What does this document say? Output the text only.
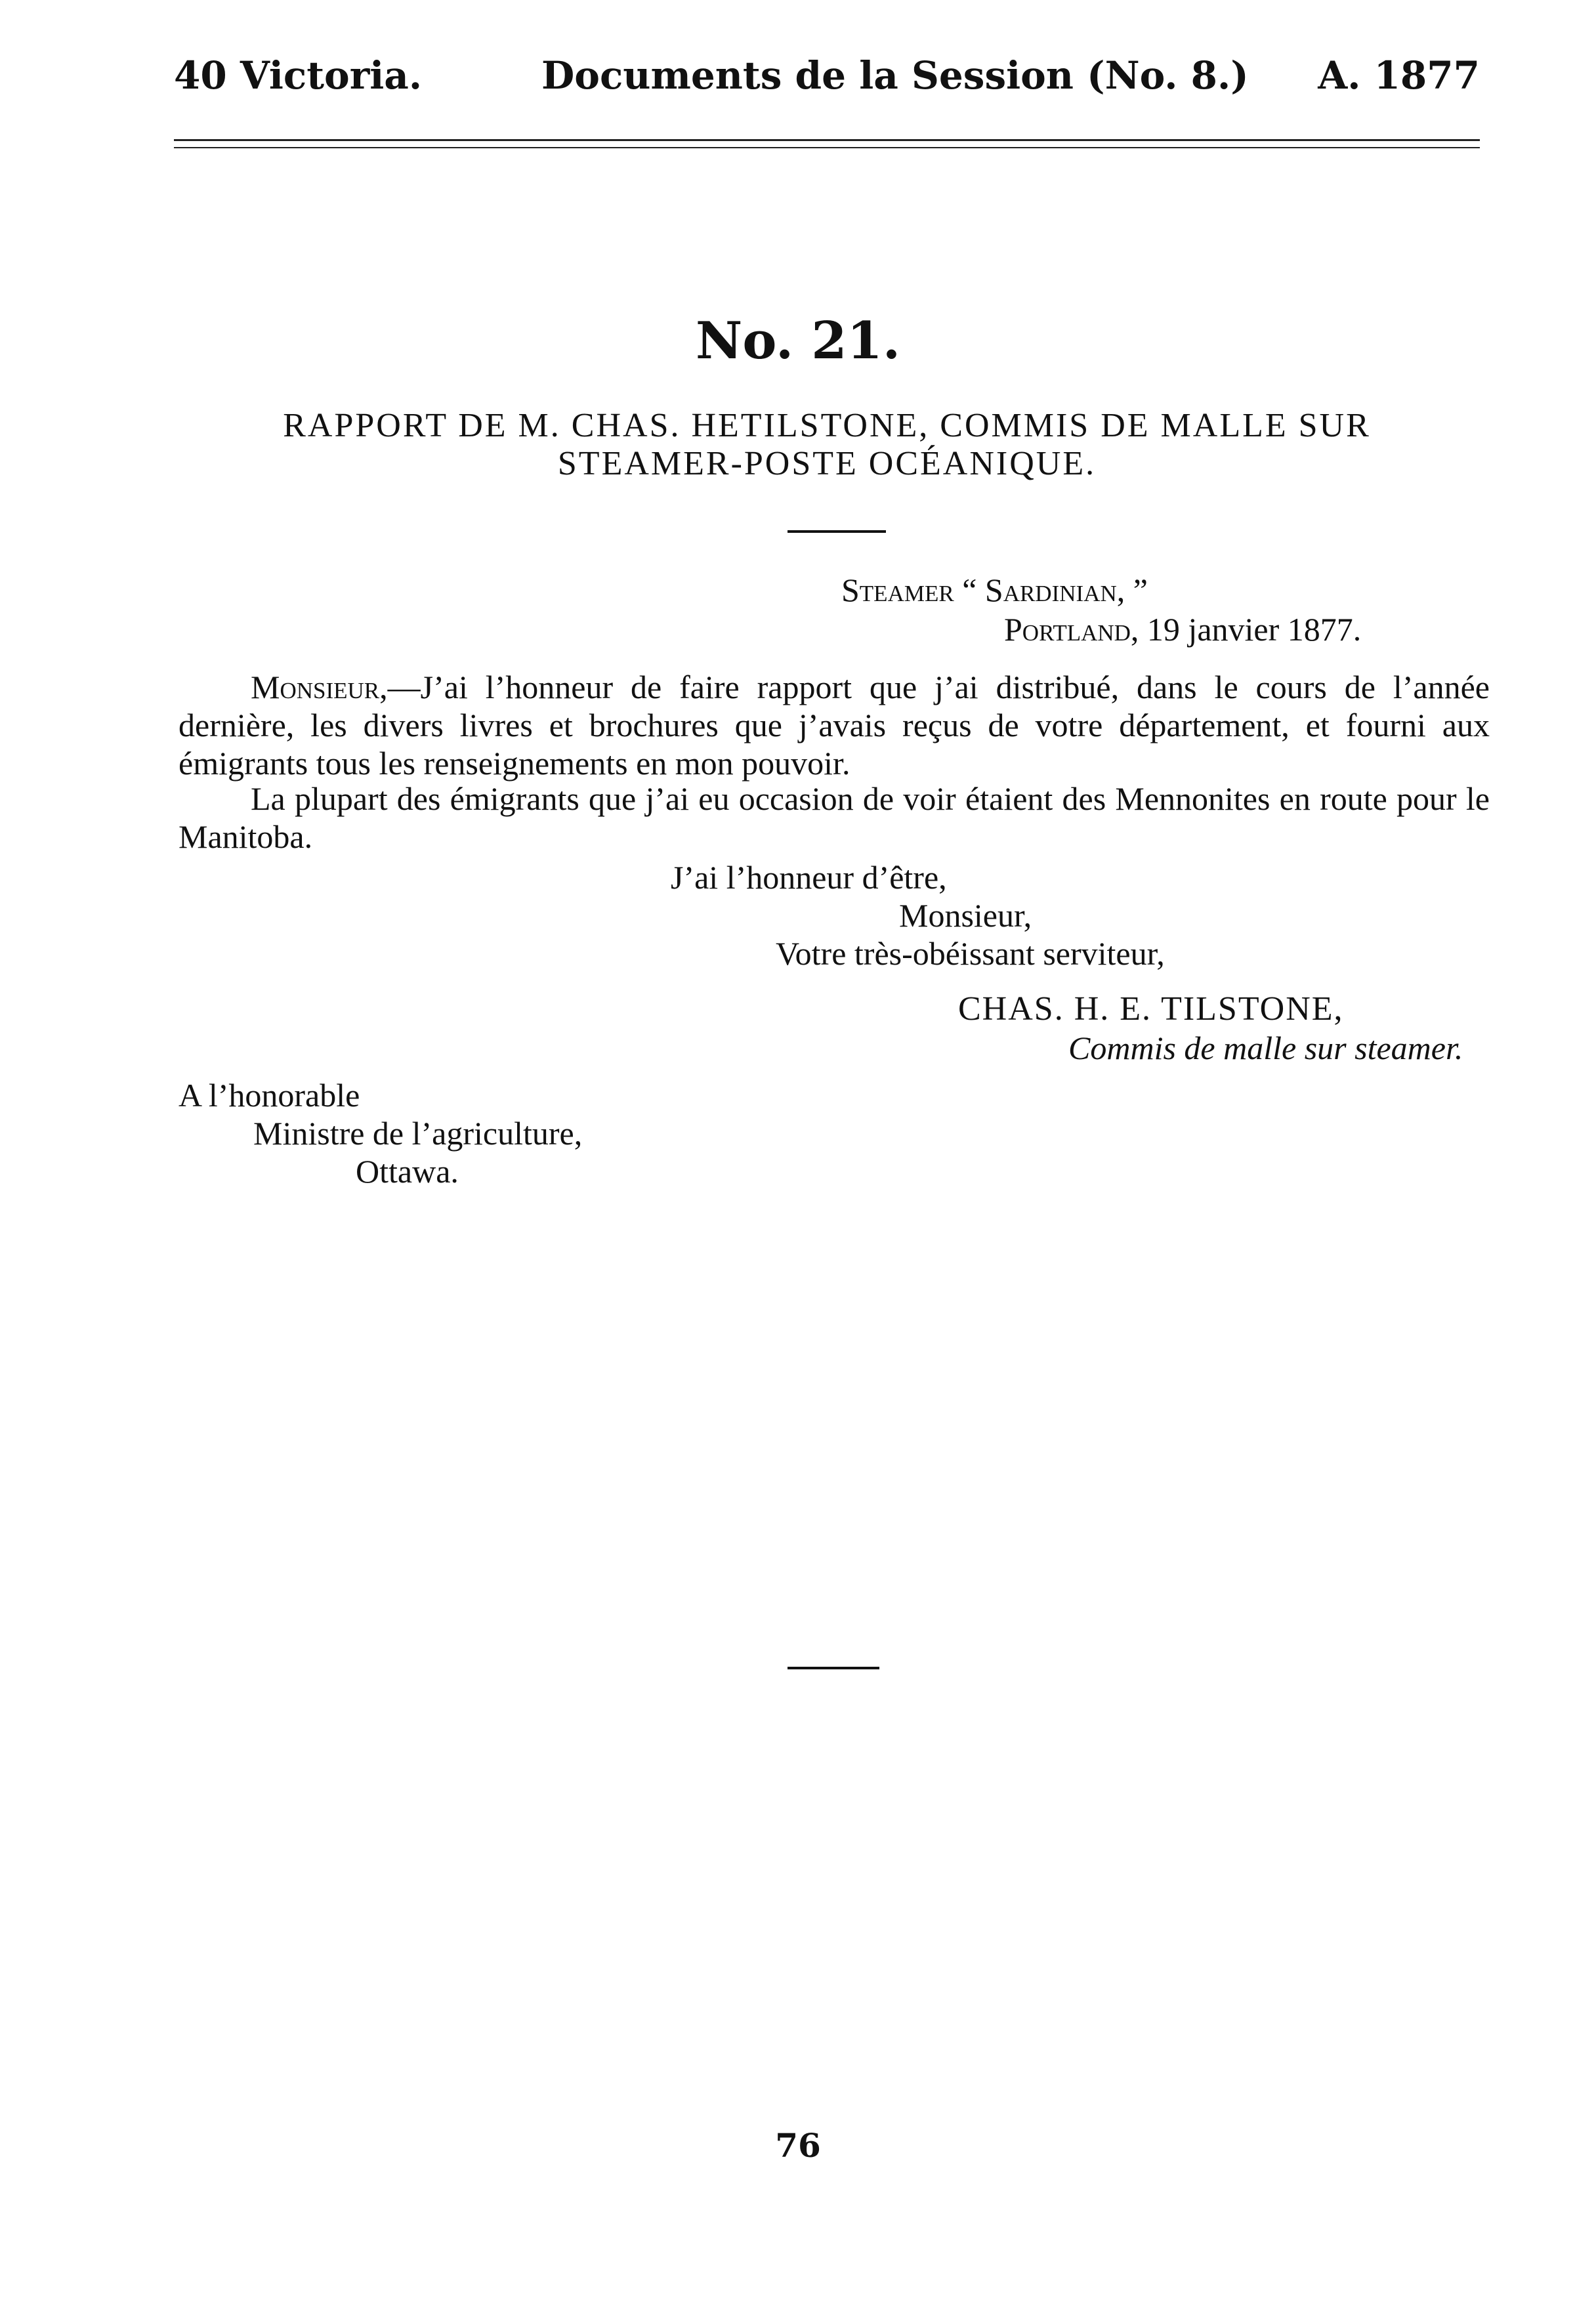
40 Victoria.	Documents de la Session (No. 8.) A. 1877
No. 21.
RAPPORT DE M. CHAS. HETILSTONE, COMMIS DE MALLE SUR
STEAMER-POSTE OCÉANIQUE.
Steamer “ Sardinian, ”
Portland, 19 janvier 1877.
Monsieur,—J’ai l’honneur de faire rapport que j’ai distribué, dans le cours de l’année dernière, les divers livres et brochures que j’avais reçus de votre département, et fourni aux émigrants tous les renseignements en mon pouvoir.
La plupart des émigrants que j’ai eu occasion de voir étaient des Mennonites en route pour le Manitoba.
J’ai l’honneur d’être,
Monsieur,
Votre très-obéissant serviteur,
CHAS. H. E. TILSTONE,
Commis de malle sur steamer.
A l’honorable
Ministre de l’agriculture,
Ottawa.
76
